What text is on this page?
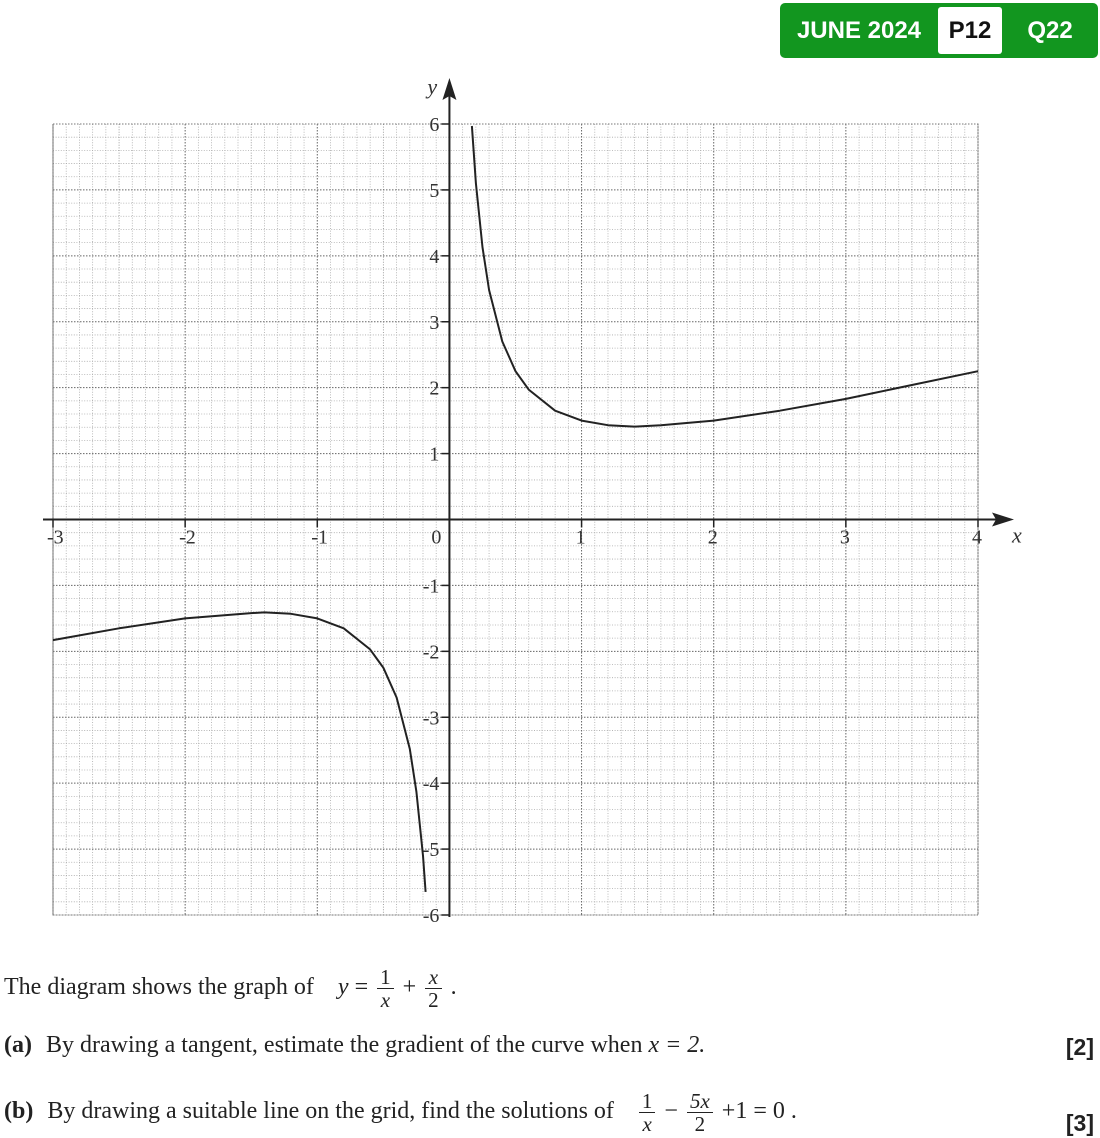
JUNE 2024	P12	Q22
x
y
-3	-2	-1	0	1	2	3	4
-6
-5
-4
-3
-2
-1
1
2
3
4
5
6
The diagram shows the graph of $y = \frac{1}{x} + \frac{x}{2}$ .
(a) By drawing a tangent, estimate the gradient of the curve when x = 2.	[2]
(b) By drawing a suitable line on the grid, find the solutions of $\frac{1}{x} - \frac{5x}{2} +1 = 0$ .	[3]
